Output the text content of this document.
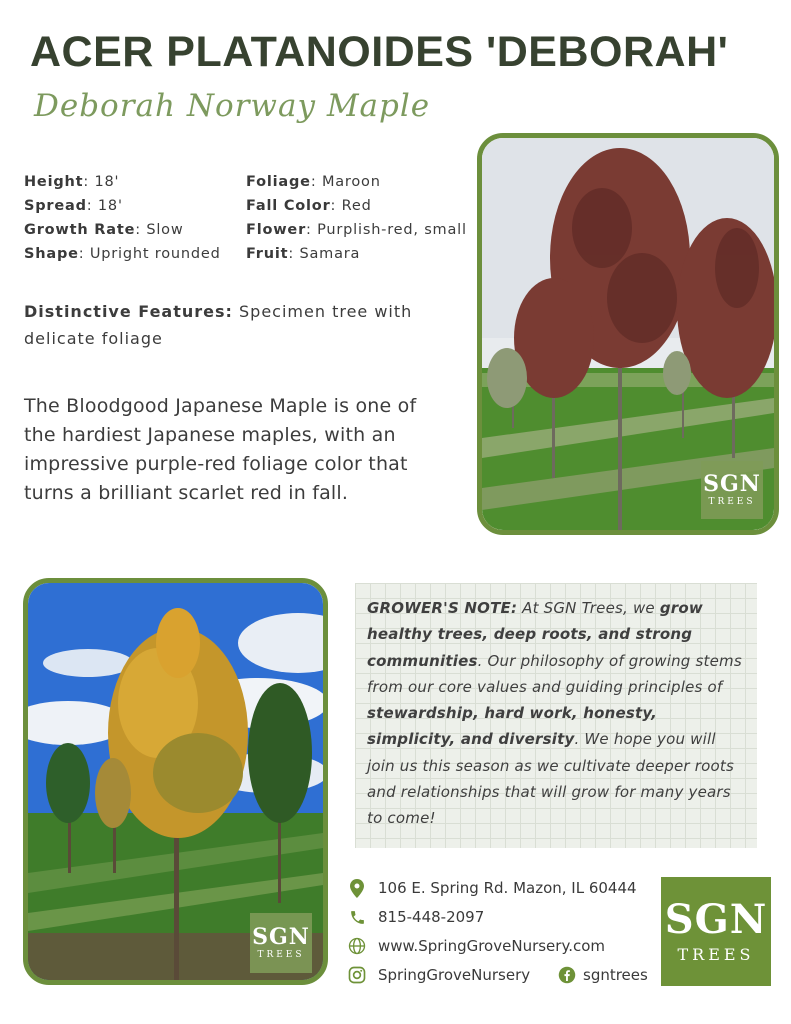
ACER PLATANOIDES 'DEBORAH'
Deborah Norway Maple
Height: 18'
Spread: 18'
Growth Rate: Slow
Shape: Upright rounded
Foliage: Maroon
Fall Color: Red
Flower: Purplish-red, small
Fruit: Samara
Distinctive Features: Specimen tree with delicate foliage
The Bloodgood Japanese Maple is one of the hardiest Japanese maples, with an impressive purple-red foliage color that turns a brilliant scarlet red in fall.	SGN
TREES
SGN
TREES
GROWER'S NOTE: At SGN Trees, we grow healthy trees, deep roots, and strong communities. Our philosophy of growing stems from our core values and guiding principles of stewardship, hard work, honesty, simplicity, and diversity. We hope you will join us this season as we cultivate deeper roots and relationships that will grow for many years to come!
106 E. Spring Rd. Mazon, IL 60444
815-448-2097
www.SpringGroveNursery.com
SpringGroveNursery	sgntrees
SGN
TREES
